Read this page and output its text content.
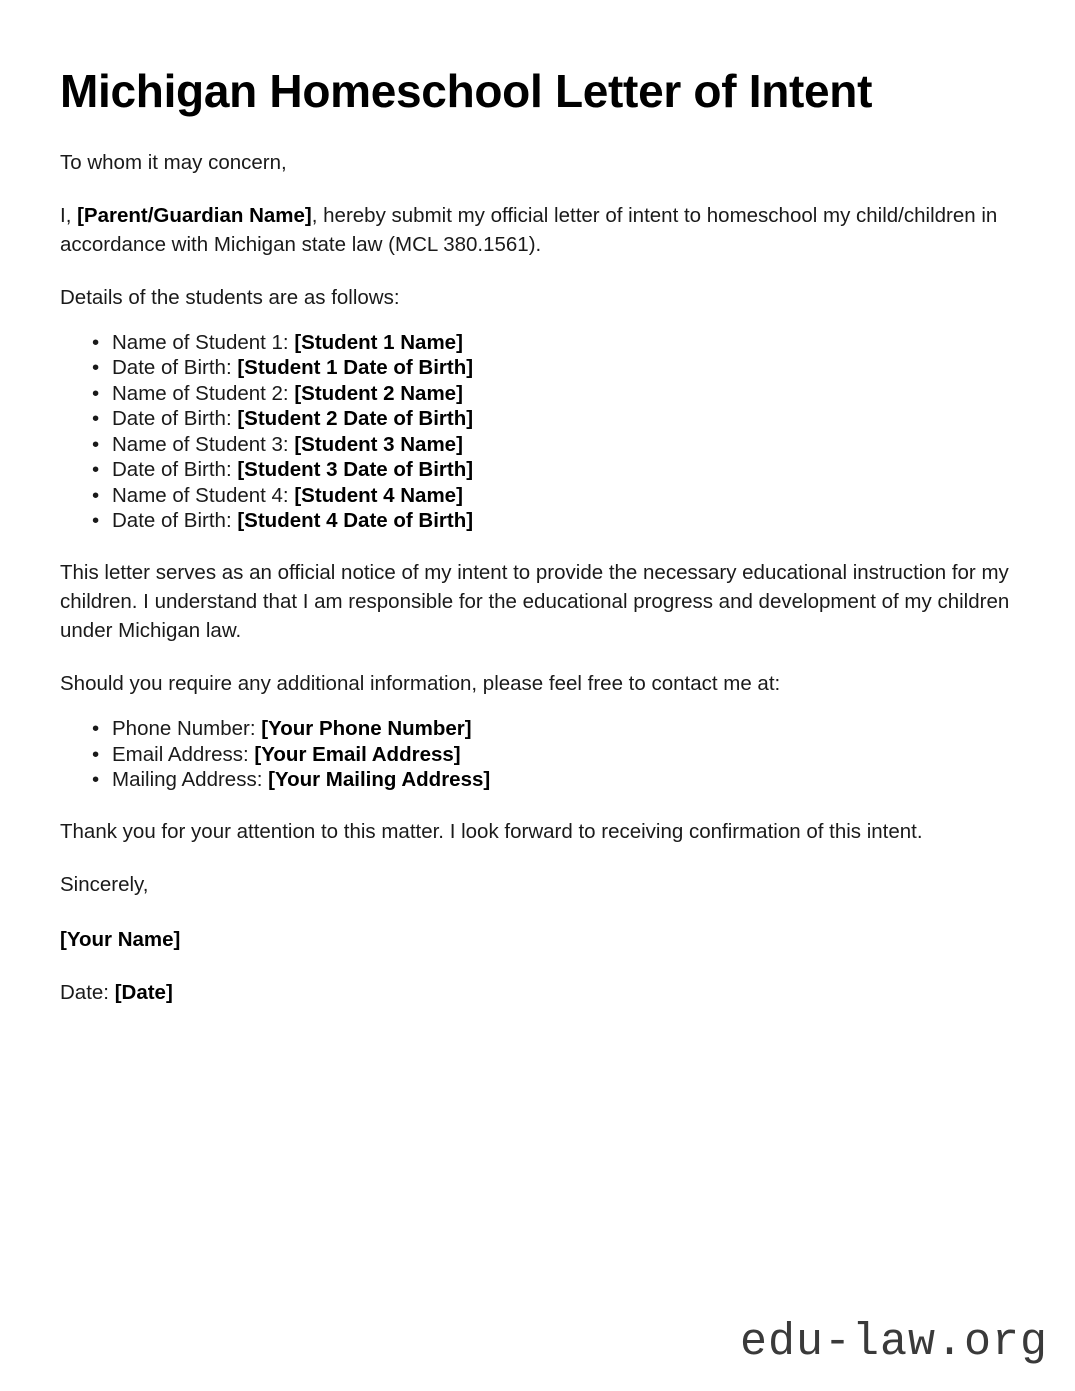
Michigan Homeschool Letter of Intent

To whom it may concern,

I, [Parent/Guardian Name], hereby submit my official letter of intent to homeschool my child/children in accordance with Michigan state law (MCL 380.1561).

Details of the students are as follows:

• Name of Student 1: [Student 1 Name]
• Date of Birth: [Student 1 Date of Birth]
• Name of Student 2: [Student 2 Name]
• Date of Birth: [Student 2 Date of Birth]
• Name of Student 3: [Student 3 Name]
• Date of Birth: [Student 3 Date of Birth]
• Name of Student 4: [Student 4 Name]
• Date of Birth: [Student 4 Date of Birth]

This letter serves as an official notice of my intent to provide the necessary educational instruction for my children. I understand that I am responsible for the educational progress and development of my children under Michigan law.

Should you require any additional information, please feel free to contact me at:

• Phone Number: [Your Phone Number]
• Email Address: [Your Email Address]
• Mailing Address: [Your Mailing Address]

Thank you for your attention to this matter. I look forward to receiving confirmation of this intent.

Sincerely,

[Your Name]

Date: [Date]

edu-law.org
